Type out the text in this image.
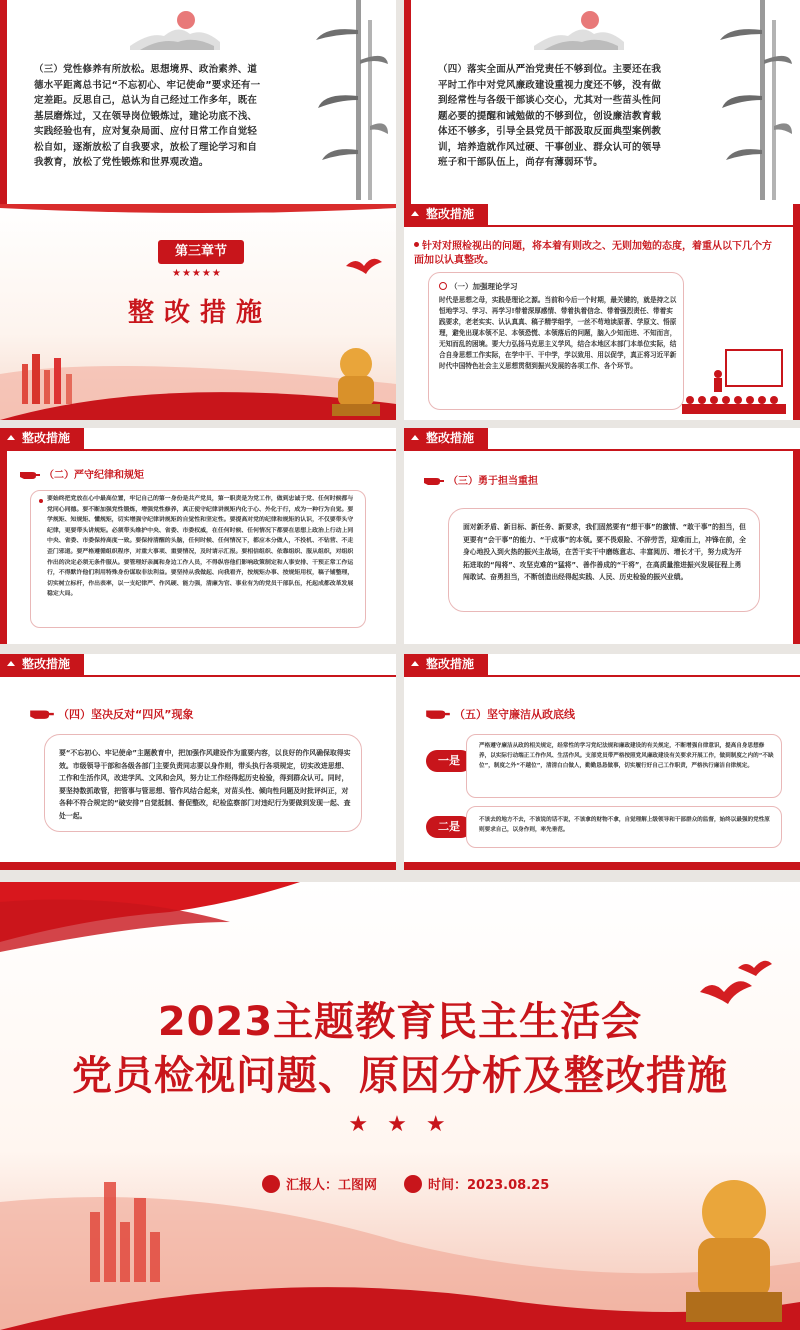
（三）党性修养有所放松。思想境界、政治素养、道德水平距离总书记“不忘初心、牢记使命”要求还有一定差距。反思自己，总认为自己经过工作多年，既在基层磨炼过，又在领导岗位锻炼过，建论功底不浅、实践经验也有，应对复杂局面、应付日常工作自觉轻松自如，逐渐放松了自我要求，放松了理论学习和自我教育，放松了党性锻炼和世界观改造。
（四）落实全面从严治党责任不够到位。主要还在我平时工作中对党风廉政建设重视力度还不够，没有做到经常性与各级干部谈心交心，尤其对一些苗头性问题必要的提醒和诫勉做的不够到位，创设廉洁教育载体还不够多，引导全县党员干部汲取反面典型案例教训，培养造就作风过硬、干事创业、群众认可的领导班子和干部队伍上，尚存有薄弱环节。
第三章节
★★★★★
整改措施
整改措施
针对对照检视出的问题，将本着有则改之、无则加勉的态度，着重从以下几个方面加以认真整改。
（一）加强理论学习
时代是思想之母，实践是理论之源。当前和今后一个时期，最关键的，就是持之以恒地学习、学习、再学习!带着深厚感情、带着执着信念、带着强烈责任、带着实践要求，老老实实、认认真真、稿子精学细学，一丝不苟地读原著、学原文、悟原理，避免出现本领不足、本领恐慌、本领落后的问题，脑入少知而进、不知而言，无知而乱的困境。要大力弘扬马克思主义学风，结合本地区本部门本单位实际，结合自身思想工作实际，在学中干、干中学，学以致用、用以促学，真正将习近平新时代中国特色社会主义思想贯彻到振兴发展的各项工作、各个环节。
整改措施
（二）严守纪律和规矩
要始终把党放在心中最高位置，牢记自己的第一身份是共产党员，第一职责是为党工作，做到忠诚于党、任何时候都与党同心同德。要不断加强党性锻炼，增强党性修养，真正使守纪律讲规矩内化于心、外化于行，成为一种行为自觉。要学规矩、知规矩、懂规矩，切实增强守纪律讲规矩的自觉性和坚定性。要提高对党的纪律和规矩的认识，不仅要带头守纪律，更要带头讲规矩。必须带头维护中央、省委、市委权威，在任何时候、任何情况下都要在思想上政治上行动上同中央、省委、市委保持高度一致。要保持清醒的头脑，任何时候、任何情况下，都应本分做人，不投机、不钻营、不走歪门邪道。要严格遵循组织程序，对重大事项、重要情况，及时请示汇报。要相信组织、依靠组织、服从组织，对组织作出的决定必须无条件服从。要管理好亲属和身边工作人员，不得纵容他们影响政策制定和人事安排、干预正常工作运行，不得默许他们利用特殊身份谋取非法利益。要坚持从我做起、向我看齐，按规矩办事、按规矩用权，稿子铺整理，切实树立标杆，作出表率，以一支纪律严、作风硬、能力强，清廉为官、事业有为的党员干部队伍，托起成都改革发展稳定大局。
整改措施
（三）勇于担当重担
面对新矛盾、新目标、新任务、新要求，我们固然要有“想干事”的激情、“敢干事”的担当，但更要有“会干事”的能力、“干成事”的本领。要不畏艰险、不辞劳苦，迎难而上，冲锋在前，全身心地投入到火热的振兴主战场，在苦干实干中磨练意志、丰富阅历、增长才干，努力成为开拓进取的“闯将”、攻坚克难的“猛将”、善作善成的“干将”，在高质量推进振兴发展征程上勇闯敢试、奋勇担当，不断创造出经得起实践、人民、历史检验的振兴业绩。
整改措施
（四）坚决反对“四风”现象
要“不忘初心、牢记使命”主题教育中，把加强作风建设作为重要内容，以良好的作风确保取得实效。市级领导干部和各级各部门主要负责同志要以身作则，带头执行各项规定，切实改进思想、工作和生活作风，改进学风、文风和会风，努力让工作经得起历史检验，得到群众认可。同时，要坚持数抓敢管，把管事与管思想、管作风结合起来，对苗头性、倾向性问题及时批评纠正，对各种不符合规定的“破安排”自觉抵制、督促整改，纪检监察部门对违纪行为要做到发现一起、查处一起。
整改措施
（五）坚守廉洁从政底线
一是
严格遵守廉洁从政的相关规定，经常性的学习党纪法规和廉政建设的有关规定，不断增强自律意识，提高自身思想修养，以实际行动端正工作作风、生活作风。支部党员带严格按照党风廉政建设有关要求开展工作，做到制度之内的“不缺位”，制度之外“不越位”，清清白白做人，勤勤恳恳做事，切实履行好自己工作职责，严格执行廉洁自律规定。
二是	不该去的地方不去，不该说的话不说，不该拿的财物不拿，自觉理解上级领导和干部群众的监督，始终以最强的党性原则要求自己，以身作则，率先垂范。
2023主题教育民主生活会
党员检视问题、原因分析及整改措施
★ ★ ★
汇报人：工图网	时间：2023.08.25
